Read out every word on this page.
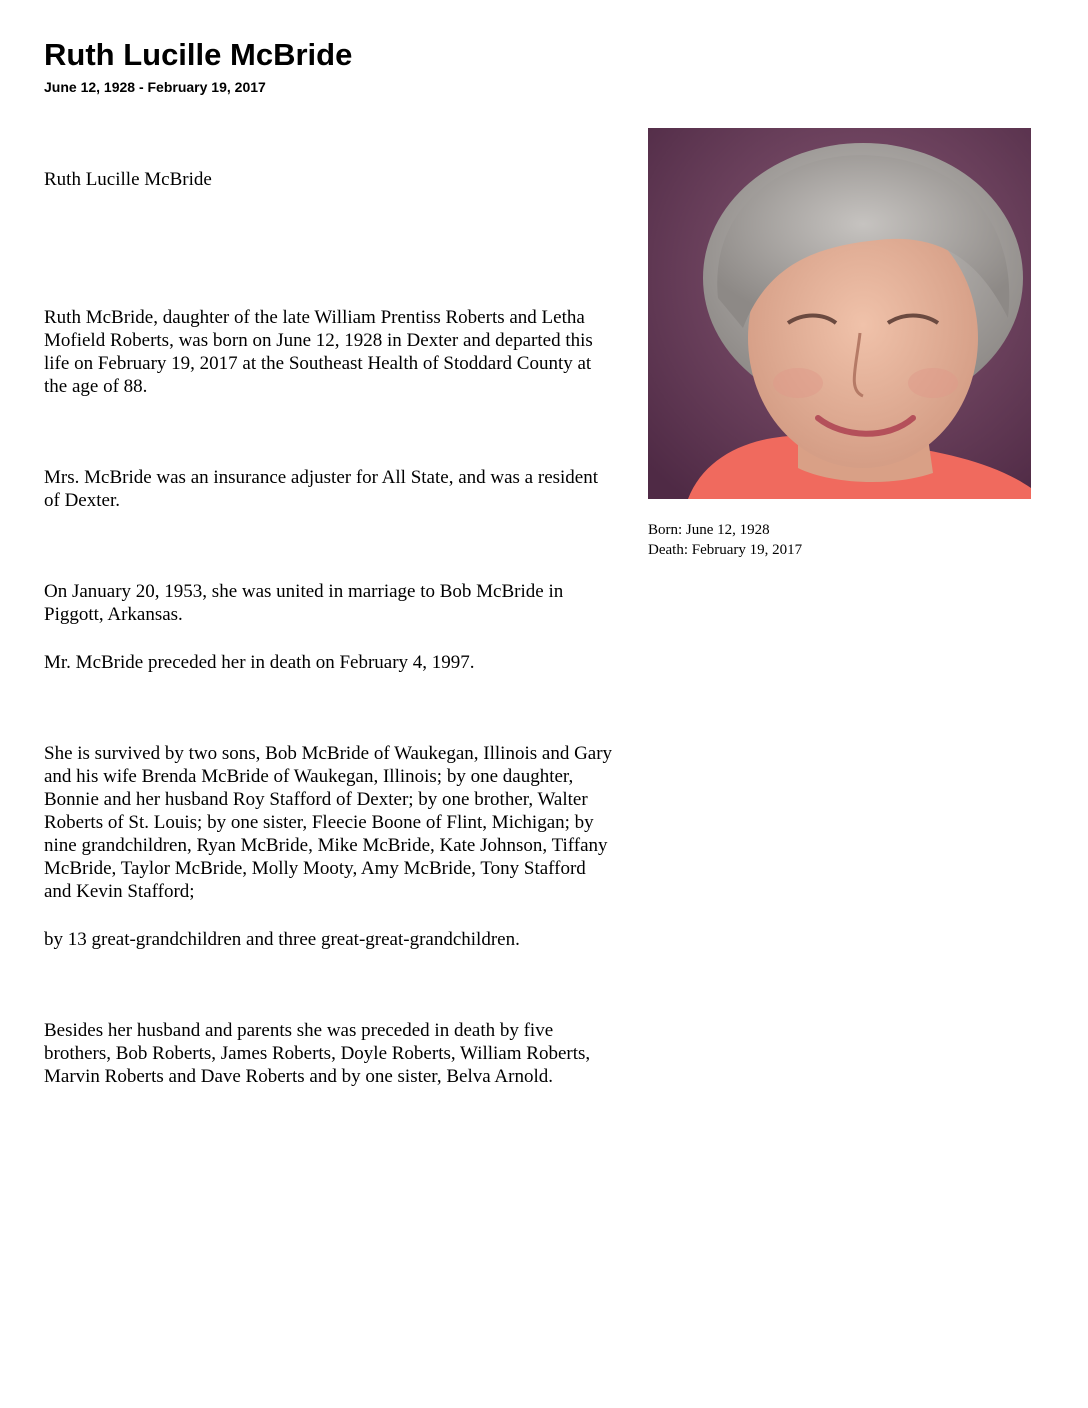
Ruth Lucille McBride
June 12, 1928 - February 19, 2017

Ruth Lucille McBride

Ruth McBride, daughter of the late William Prentiss Roberts and Letha Mofield Roberts, was born on June 12, 1928 in Dexter and departed this life on February 19, 2017 at the Southeast Health of Stoddard County at the age of 88.

Mrs. McBride was an insurance adjuster for All State, and was a resident of Dexter.

On January 20, 1953, she was united in marriage to Bob McBride in Piggott, Arkansas.

Mr. McBride preceded her in death on February 4, 1997.

She is survived by two sons, Bob McBride of Waukegan, Illinois and Gary and his wife Brenda McBride of Waukegan, Illinois; by one daughter, Bonnie and her husband Roy Stafford of Dexter; by one brother, Walter Roberts of St. Louis; by one sister, Fleecie Boone of Flint, Michigan; by nine grandchildren, Ryan McBride, Mike McBride, Kate Johnson, Tiffany McBride, Taylor McBride, Molly Mooty, Amy McBride, Tony Stafford and Kevin Stafford;

by 13 great-grandchildren and three great-great-grandchildren.

Besides her husband and parents she was preceded in death by five brothers, Bob Roberts, James Roberts, Doyle Roberts, William Roberts, Marvin Roberts and Dave Roberts and by one sister, Belva Arnold.

Born: June 12, 1928
Death: February 19, 2017
